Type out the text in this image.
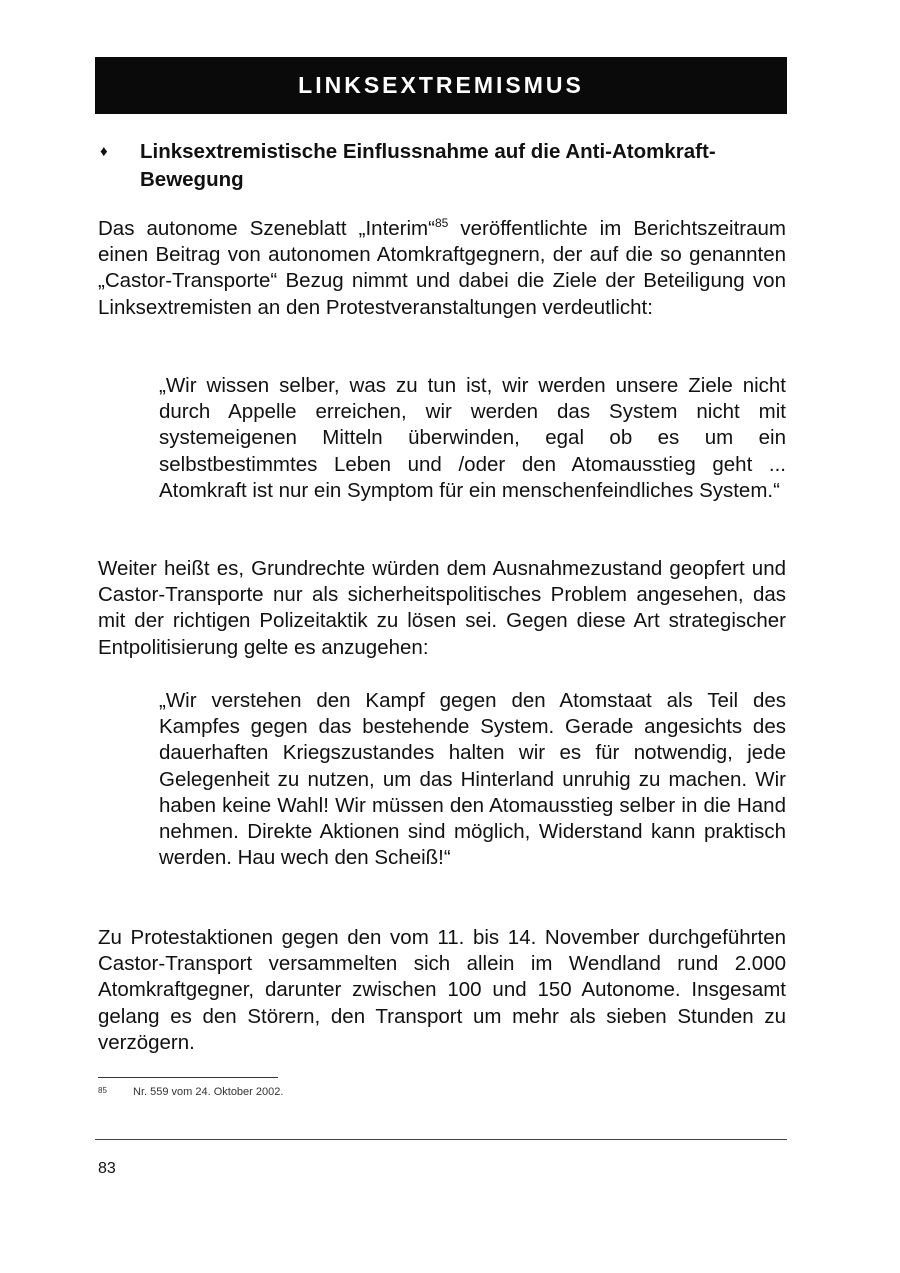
LINKSEXTREMISMUS
♦	Linksextremistische Einflussnahme auf die Anti-Atomkraft-Bewegung

Das autonome Szeneblatt „Interim“$^{85}$ veröffentlichte im Berichtszeitraum einen Beitrag von autonomen Atomkraftgegnern, der auf die so genannten „Castor-Transporte“ Bezug nimmt und dabei die Ziele der Beteiligung von Linksextremisten an den Protestveranstaltungen verdeutlicht:

„Wir wissen selber, was zu tun ist, wir werden unsere Ziele nicht durch Appelle erreichen, wir werden das System nicht mit systemeigenen Mitteln überwinden, egal ob es um ein selbstbestimmtes Leben und /oder den Atomausstieg geht ... Atomkraft ist nur ein Symptom für ein menschenfeindliches System.“

Weiter heißt es, Grundrechte würden dem Ausnahmezustand geopfert und Castor-Transporte nur als sicherheitspolitisches Problem angesehen, das mit der richtigen Polizeitaktik zu lösen sei. Gegen diese Art strategischer Entpolitisierung gelte es anzugehen:

„Wir verstehen den Kampf gegen den Atomstaat als Teil des Kampfes gegen das bestehende System. Gerade angesichts des dauerhaften Kriegszustandes halten wir es für notwendig, jede Gelegenheit zu nutzen, um das Hinterland unruhig zu machen. Wir haben keine Wahl! Wir müssen den Atomausstieg selber in die Hand nehmen. Direkte Aktionen sind möglich, Widerstand kann praktisch werden. Hau wech den Scheiß!“

Zu Protestaktionen gegen den vom 11. bis 14. November durchgeführten Castor-Transport versammelten sich allein im Wendland rund 2.000 Atomkraftgegner, darunter zwischen 100 und 150 Autonome. Insgesamt gelang es den Störern, den Transport um mehr als sieben Stunden zu verzögern.

85 Nr. 559 vom 24. Oktober 2002.
83
